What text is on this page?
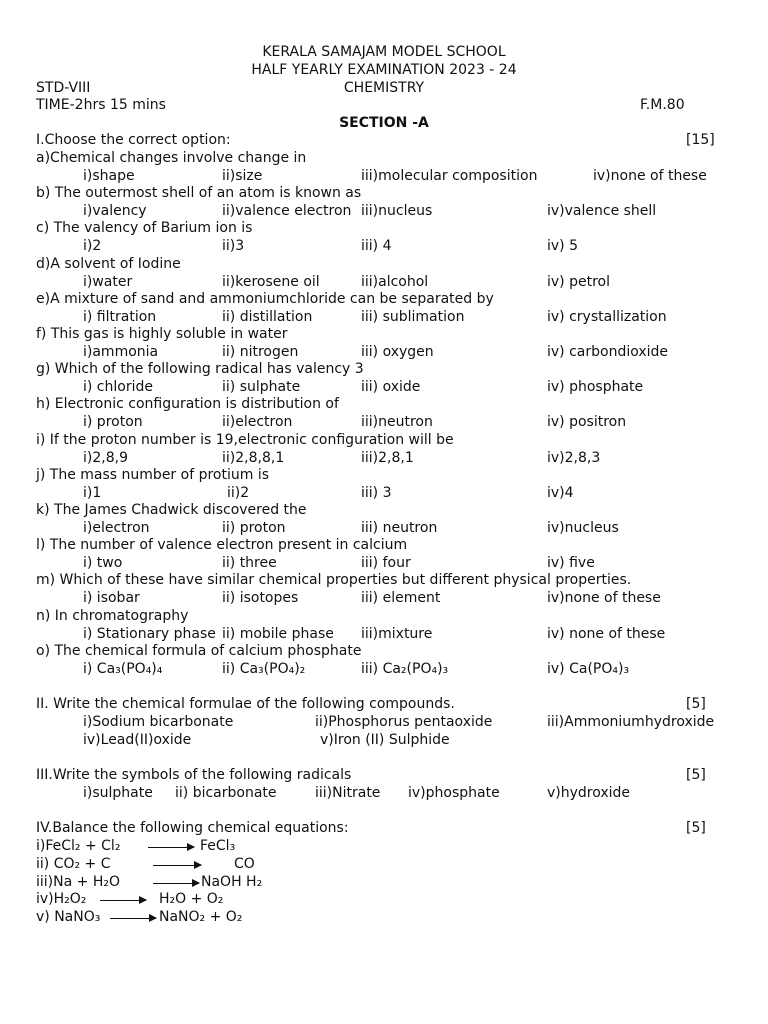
KERALA SAMAJAM MODEL SCHOOL
HALF YEARLY EXAMINATION 2023 - 24
STD-VIII	CHEMISTRY
TIME-2hrs 15 mins	F.M.80
SECTION -A
I.Choose the correct option:	[15]
a)Chemical changes involve change in
i)shape	ii)size	iii)molecular composition	iv)none of these
b) The outermost shell of an atom is known as
i)valency	ii)valence electron iii)nucleus	iv)valence shell
c) The valency of Barium ion is
i)2	ii)3	iii) 4	iv) 5
d)A solvent of Iodine
i)water	ii)kerosene oil	iii)alcohol	iv) petrol
e)A mixture of sand and ammoniumchloride can be separated by
i) filtration	ii) distillation	iii) sublimation	iv) crystallization
f) This gas is highly soluble in water
i)ammonia	ii) nitrogen	iii) oxygen	iv) carbondioxide
g) Which of the following radical has valency 3
i) chloride	ii) sulphate	iii) oxide	iv) phosphate
h) Electronic configuration is distribution of
i) proton	ii)electron	iii)neutron	iv) positron
i) If the proton number is 19,electronic configuration will be
i)2,8,9	ii)2,8,8,1	iii)2,8,1	iv)2,8,3
j) The mass number of protium is
i)1	ii)2	iii) 3	iv)4
k) The James Chadwick discovered the
i)electron	ii) proton	iii) neutron	iv)nucleus
l) The number of valence electron present in calcium
i) two	ii) three	iii) four	iv) five
m) Which of these have similar chemical properties but different physical properties.
i) isobar	ii) isotopes	iii) element	iv)none of these
n) In chromatography
i) Stationary phase ii) mobile phase iii)mixture	iv) none of these
o) The chemical formula of calcium phosphate
i) Ca₃(PO₄)₄	ii) Ca₃(PO₄)₂	iii) Ca₂(PO₄)₃	iv) Ca(PO₄)₃
II. Write the chemical formulae of the following compounds.	[5]
i)Sodium bicarbonate	ii)Phosphorus pentaoxide	iii)Ammoniumhydroxide
iv)Lead(II)oxide	v)Iron (II) Sulphide
III.Write the symbols of the following radicals	[5]
i)sulphate ii) bicarbonate	iii)Nitrate iv)phosphate	v)hydroxide
IV.Balance the following chemical equations:	[5]
i)FeCl₂ + Cl₂ → FeCl₃
ii) CO₂ + C	CO
iii)Na + H₂O → NaOH H₂
iv)H₂O₂ → H₂O + O₂
v) NaNO₃ → NaNO₂ + O₂
